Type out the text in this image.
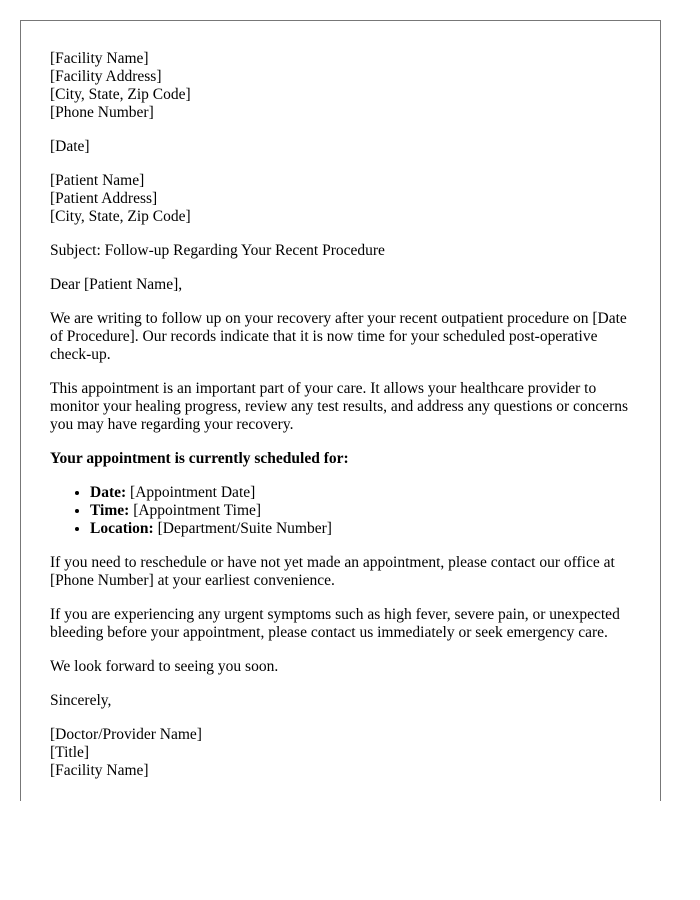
[Facility Name]
[Facility Address]
[City, State, Zip Code]
[Phone Number]

[Date]

[Patient Name]
[Patient Address]
[City, State, Zip Code]

Subject: Follow-up Regarding Your Recent Procedure

Dear [Patient Name],

We are writing to follow up on your recovery after your recent outpatient procedure on [Date of Procedure]. Our records indicate that it is now time for your scheduled post-operative check-up.

This appointment is an important part of your care. It allows your healthcare provider to monitor your healing progress, review any test results, and address any questions or concerns you may have regarding your recovery.

Your appointment is currently scheduled for:

• Date: [Appointment Date]
• Time: [Appointment Time]
• Location: [Department/Suite Number]

If you need to reschedule or have not yet made an appointment, please contact our office at [Phone Number] at your earliest convenience.

If you are experiencing any urgent symptoms such as high fever, severe pain, or unexpected bleeding before your appointment, please contact us immediately or seek emergency care.

We look forward to seeing you soon.

Sincerely,

[Doctor/Provider Name]
[Title]
[Facility Name]
